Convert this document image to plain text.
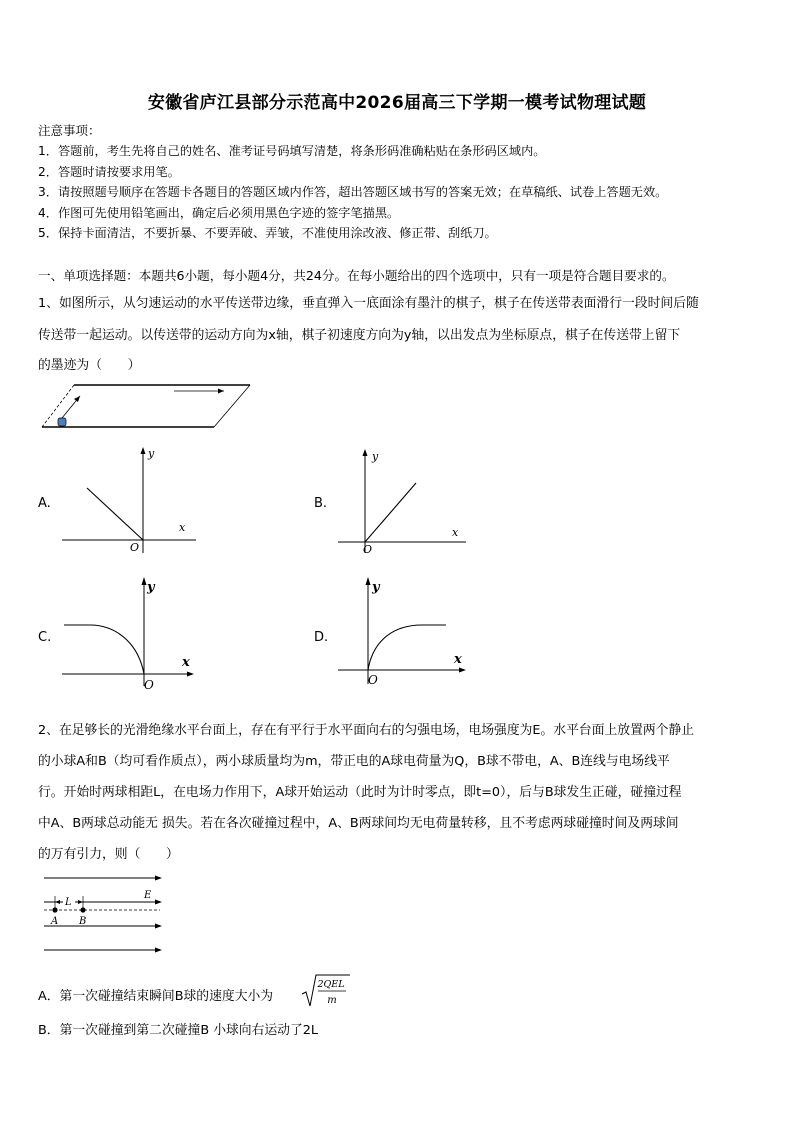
安徽省庐江县部分示范高中2026届高三下学期一模考试物理试题
注意事项：
1．答题前，考生先将自己的姓名、准考证号码填写清楚，将条形码准确粘贴在条形码区域内。
2．答题时请按要求用笔。
3．请按照题号顺序在答题卡各题目的答题区域内作答，超出答题区域书写的答案无效；在草稿纸、试卷上答题无效。
4．作图可先使用铅笔画出，确定后必须用黑色字迹的签字笔描黑。
5．保持卡面清洁，不要折暴、不要弄破、弄皱，不准使用涂改液、修正带、刮纸刀。
一、单项选择题：本题共6小题，每小题4分，共24分。在每小题给出的四个选项中，只有一项是符合题目要求的。
1、如图所示，从匀速运动的水平传送带边缘，垂直弹入一底面涂有墨汁的棋子，棋子在传送带表面滑行一段时间后随
传送带一起运动。以传送带的运动方向为x轴，棋子初速度方向为y轴，以出发点为坐标原点，棋子在传送带上留下
的墨迹为（　　）
A.
y
x
O
B.
y
x
O
C.
y
x
O
D.
y
x
O
2、在足够长的光滑绝缘水平台面上，存在有平行于水平面向右的匀强电场，电场强度为E。水平台面上放置两个静止
的小球A和B（均可看作质点），两小球质量均为m，带正电的A球电荷量为Q，B球不带电，A、B连线与电场线平
行。开始时两球相距L，在电场力作用下，A球开始运动（此时为计时零点，即t=0），后与B球发生正碰，碰撞过程
中A、B两球总动能无 损失。若在各次碰撞过程中，A、B两球间均无电荷量转移，且不考虑两球碰撞时间及两球间
的万有引力，则（　　）
L
E
A B
A．第一次碰撞结束瞬间B球的速度大小为
2QEL
m
B．第一次碰撞到第二次碰撞B 小球向右运动了2L
